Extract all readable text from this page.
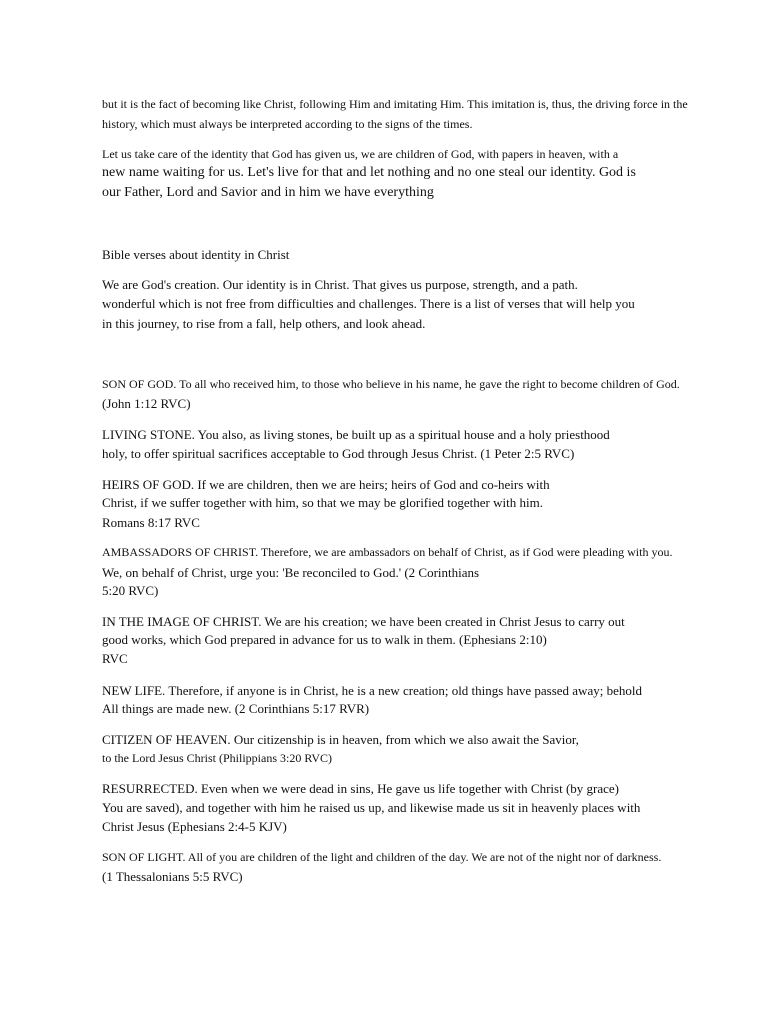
but it is the fact of becoming like Christ, following Him and imitating Him. This imitation is, thus, the driving force in the
history, which must always be interpreted according to the signs of the times.
Let us take care of the identity that God has given us, we are children of God, with papers in heaven, with a
new name waiting for us. Let's live for that and let nothing and no one steal our identity. God is
our Father, Lord and Savior and in him we have everything
Bible verses about identity in Christ
We are God's creation. Our identity is in Christ. That gives us purpose, strength, and a path.
wonderful which is not free from difficulties and challenges. There is a list of verses that will help you
in this journey, to rise from a fall, help others, and look ahead.
SON OF GOD. To all who received him, to those who believe in his name, he gave the right to become children of God.
(John 1:12 RVC)
LIVING STONE. You also, as living stones, be built up as a spiritual house and a holy priesthood
holy, to offer spiritual sacrifices acceptable to God through Jesus Christ. (1 Peter 2:5 RVC)
HEIRS OF GOD. If we are children, then we are heirs; heirs of God and co-heirs with
Christ, if we suffer together with him, so that we may be glorified together with him.
Romans 8:17 RVC
AMBASSADORS OF CHRIST. Therefore, we are ambassadors on behalf of Christ, as if God were pleading with you.
We, on behalf of Christ, urge you: 'Be reconciled to God.' (2 Corinthians
5:20 RVC)
IN THE IMAGE OF CHRIST. We are his creation; we have been created in Christ Jesus to carry out
good works, which God prepared in advance for us to walk in them. (Ephesians 2:10)
RVC
NEW LIFE. Therefore, if anyone is in Christ, he is a new creation; old things have passed away; behold
All things are made new. (2 Corinthians 5:17 RVR)
CITIZEN OF HEAVEN. Our citizenship is in heaven, from which we also await the Savior,
to the Lord Jesus Christ (Philippians 3:20 RVC)
RESURRECTED. Even when we were dead in sins, He gave us life together with Christ (by grace)
You are saved), and together with him he raised us up, and likewise made us sit in heavenly places with
Christ Jesus (Ephesians 2:4-5 KJV)
SON OF LIGHT. All of you are children of the light and children of the day. We are not of the night nor of darkness.
(1 Thessalonians 5:5 RVC)
